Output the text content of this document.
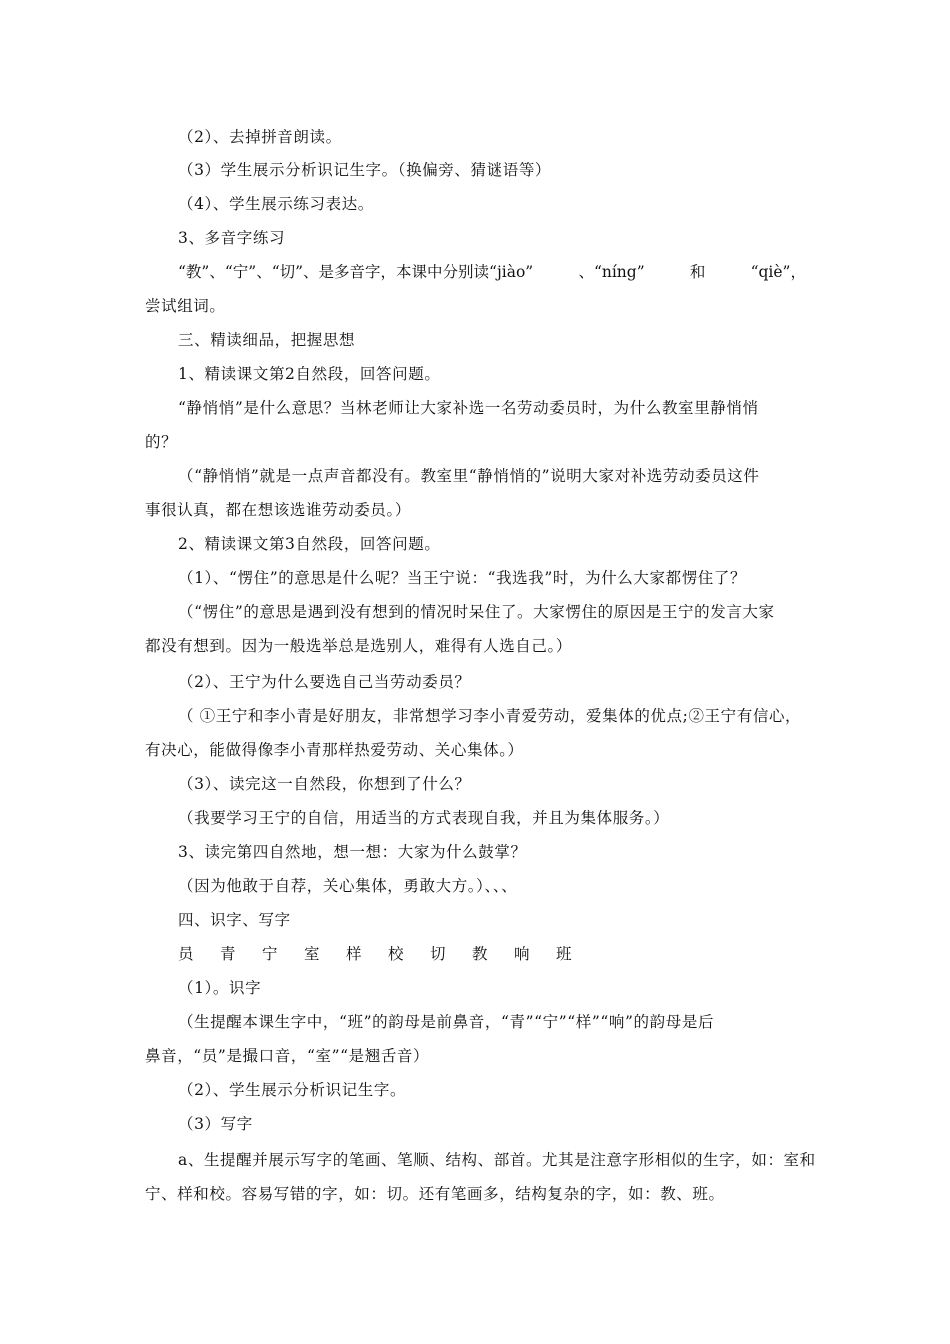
（2）、去掉拼音朗读。
（3）学生展示分析识记生字。（换偏旁、猜谜语等）
（4）、学生展示练习表达。
3、多音字练习
“教”、“宁”、“切”、是多音字，本课中分别读“jiào”	、“níng”	和	“qiè”，
尝试组词。
三、精读细品，把握思想
1、精读课文第2自然段，回答问题。
“静悄悄”是什么意思？当林老师让大家补选一名劳动委员时，为什么教室里静悄悄
的？
（“静悄悄”就是一点声音都没有。教室里“静悄悄的”说明大家对补选劳动委员这件
事很认真，都在想该选谁劳动委员。）
2、精读课文第3自然段，回答问题。
（1）、“愣住”的意思是什么呢？当王宁说：“我选我”时，为什么大家都愣住了？
（“愣住”的意思是遇到没有想到的情况时呆住了。大家愣住的原因是王宁的发言大家
都没有想到。因为一般选举总是选别人，难得有人选自己。）
（2）、王宁为什么要选自己当劳动委员？
（ ①王宁和李小青是好朋友，非常想学习李小青爱劳动，爱集体的优点;②王宁有信心，
有决心，能做得像李小青那样热爱劳动、关心集体。）
（3）、读完这一自然段，你想到了什么？
（我要学习王宁的自信，用适当的方式表现自我，并且为集体服务。）
3、读完第四自然地，想一想：大家为什么鼓掌？
（因为他敢于自荐，关心集体，勇敢大方。）、、、
四、识字、写字
员	青	宁	室	样	校	切	教	响	班
（1）。识字
（生提醒本课生字中，“班”的韵母是前鼻音，“青”“宁”“样”“响”的韵母是后
鼻音，“员”是撮口音，“室”“是翘舌音）
（2）、学生展示分析识记生字。
（3）写字
a、生提醒并展示写字的笔画、笔顺、结构、部首。尤其是注意字形相似的生字，如：室和
宁、样和校。容易写错的字，如：切。还有笔画多，结构复杂的字，如：教、班。
